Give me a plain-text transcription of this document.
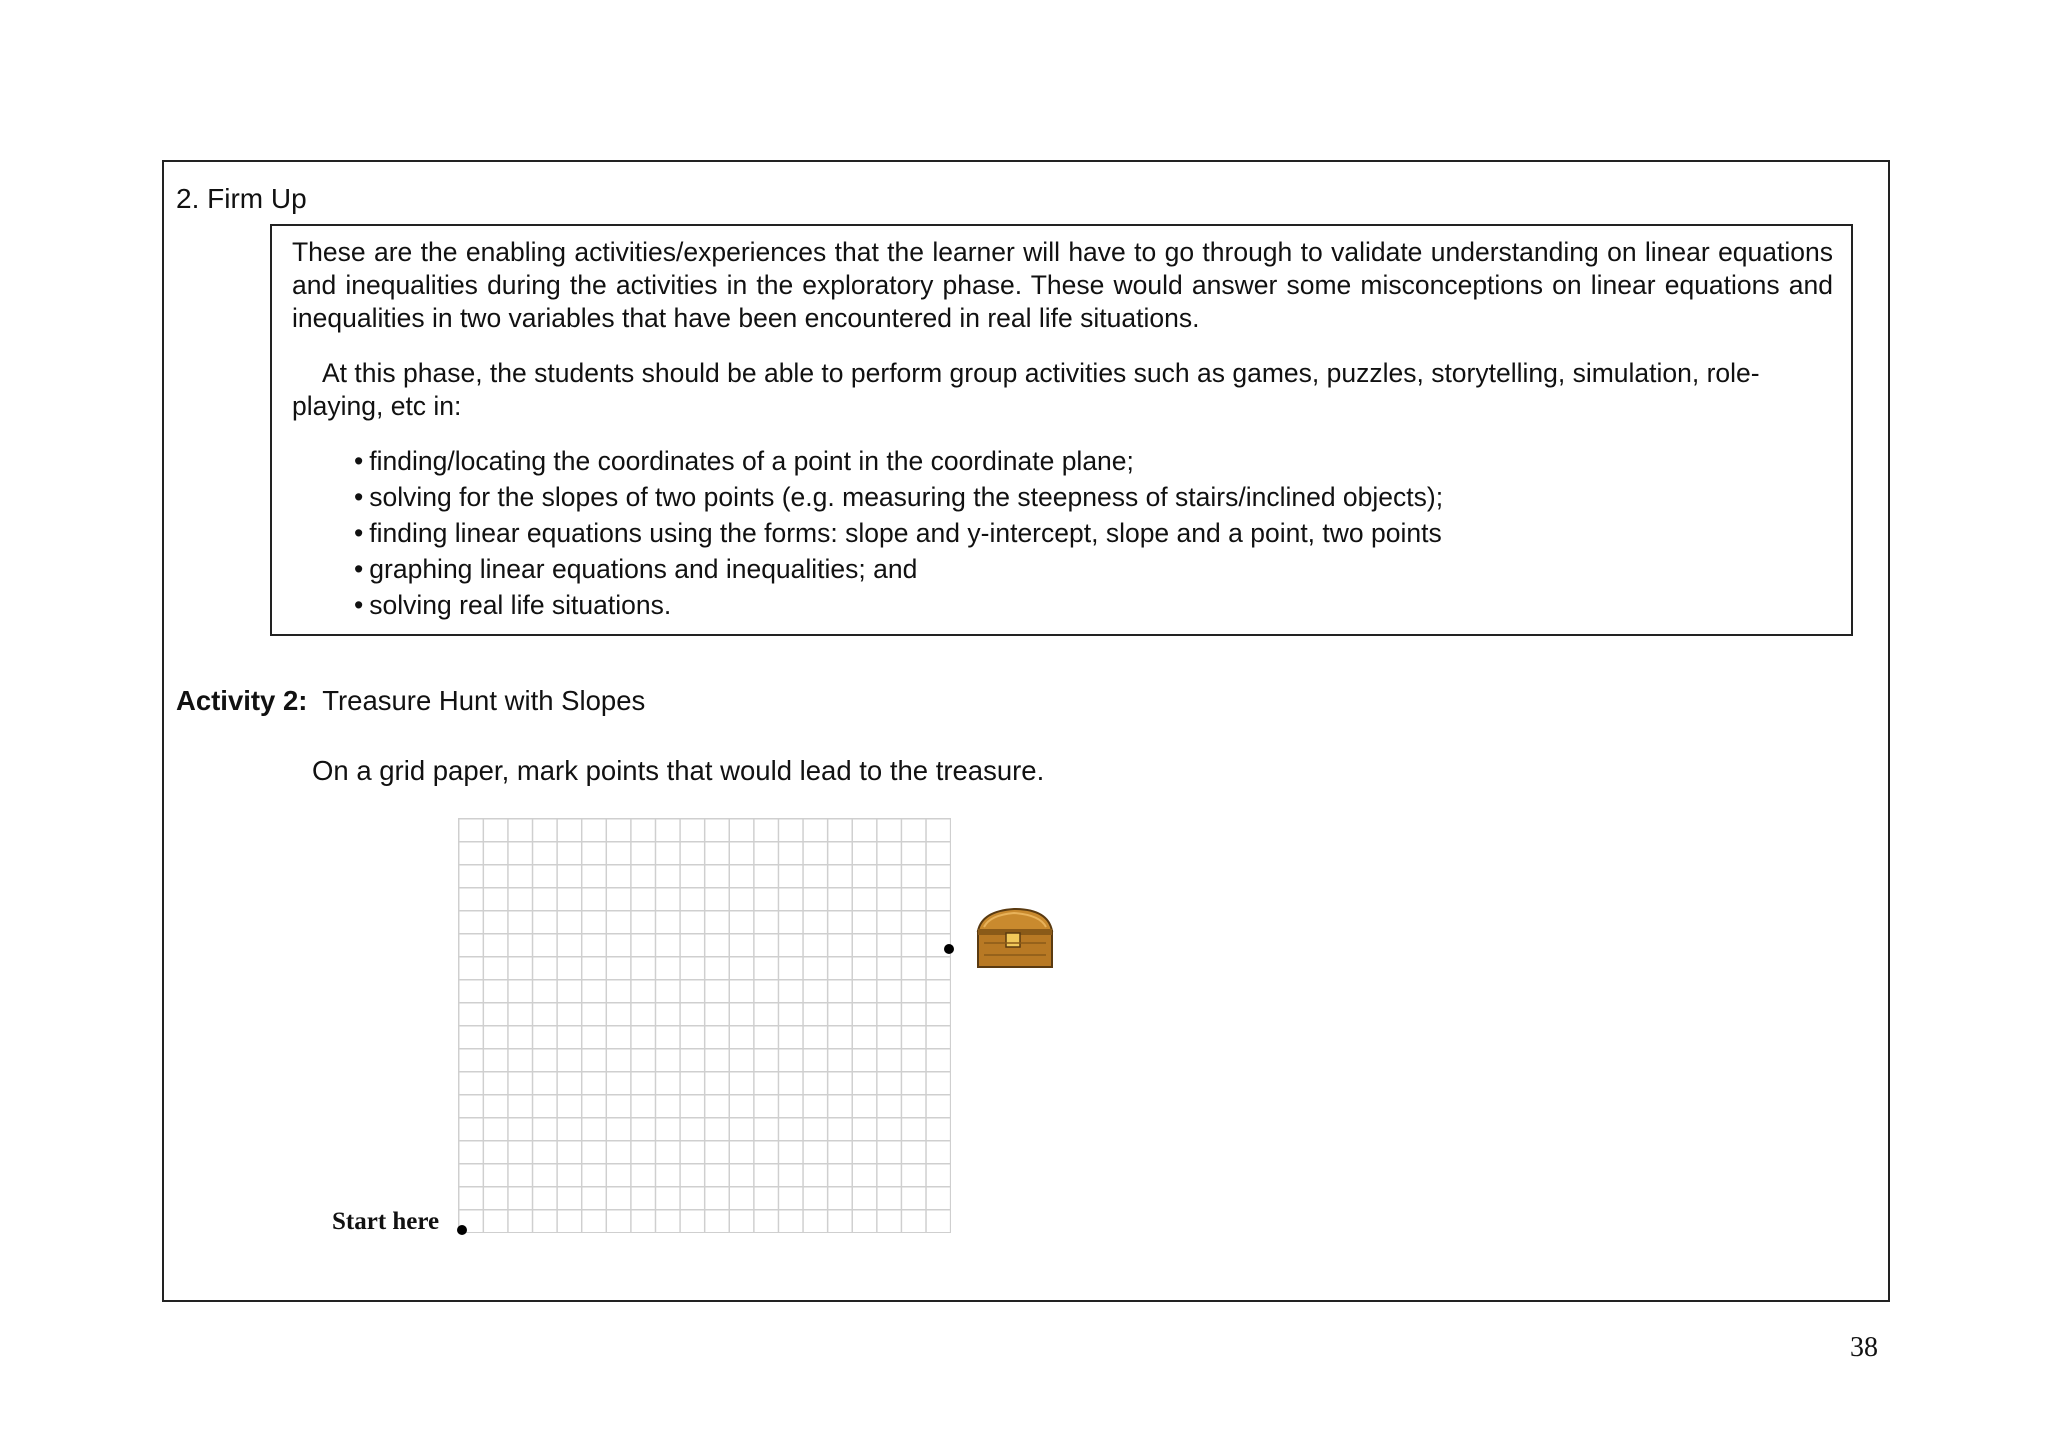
2. Firm Up

These are the enabling activities/experiences that the learner will have to go through to validate understanding on linear equations and inequalities during the activities in the exploratory phase. These would answer some misconceptions on linear equations and inequalities in two variables that have been encountered in real life situations.

At this phase, the students should be able to perform group activities such as games, puzzles, storytelling, simulation, role-playing, etc in:

• finding/locating the coordinates of a point in the coordinate plane;
• solving for the slopes of two points (e.g. measuring the steepness of stairs/inclined objects);
• finding linear equations using the forms: slope and y-intercept, slope and a point, two points
• graphing linear equations and inequalities; and
• solving real life situations.
Activity 2: Treasure Hunt with Slopes
On a grid paper, mark points that would lead to the treasure.
Start here
38
